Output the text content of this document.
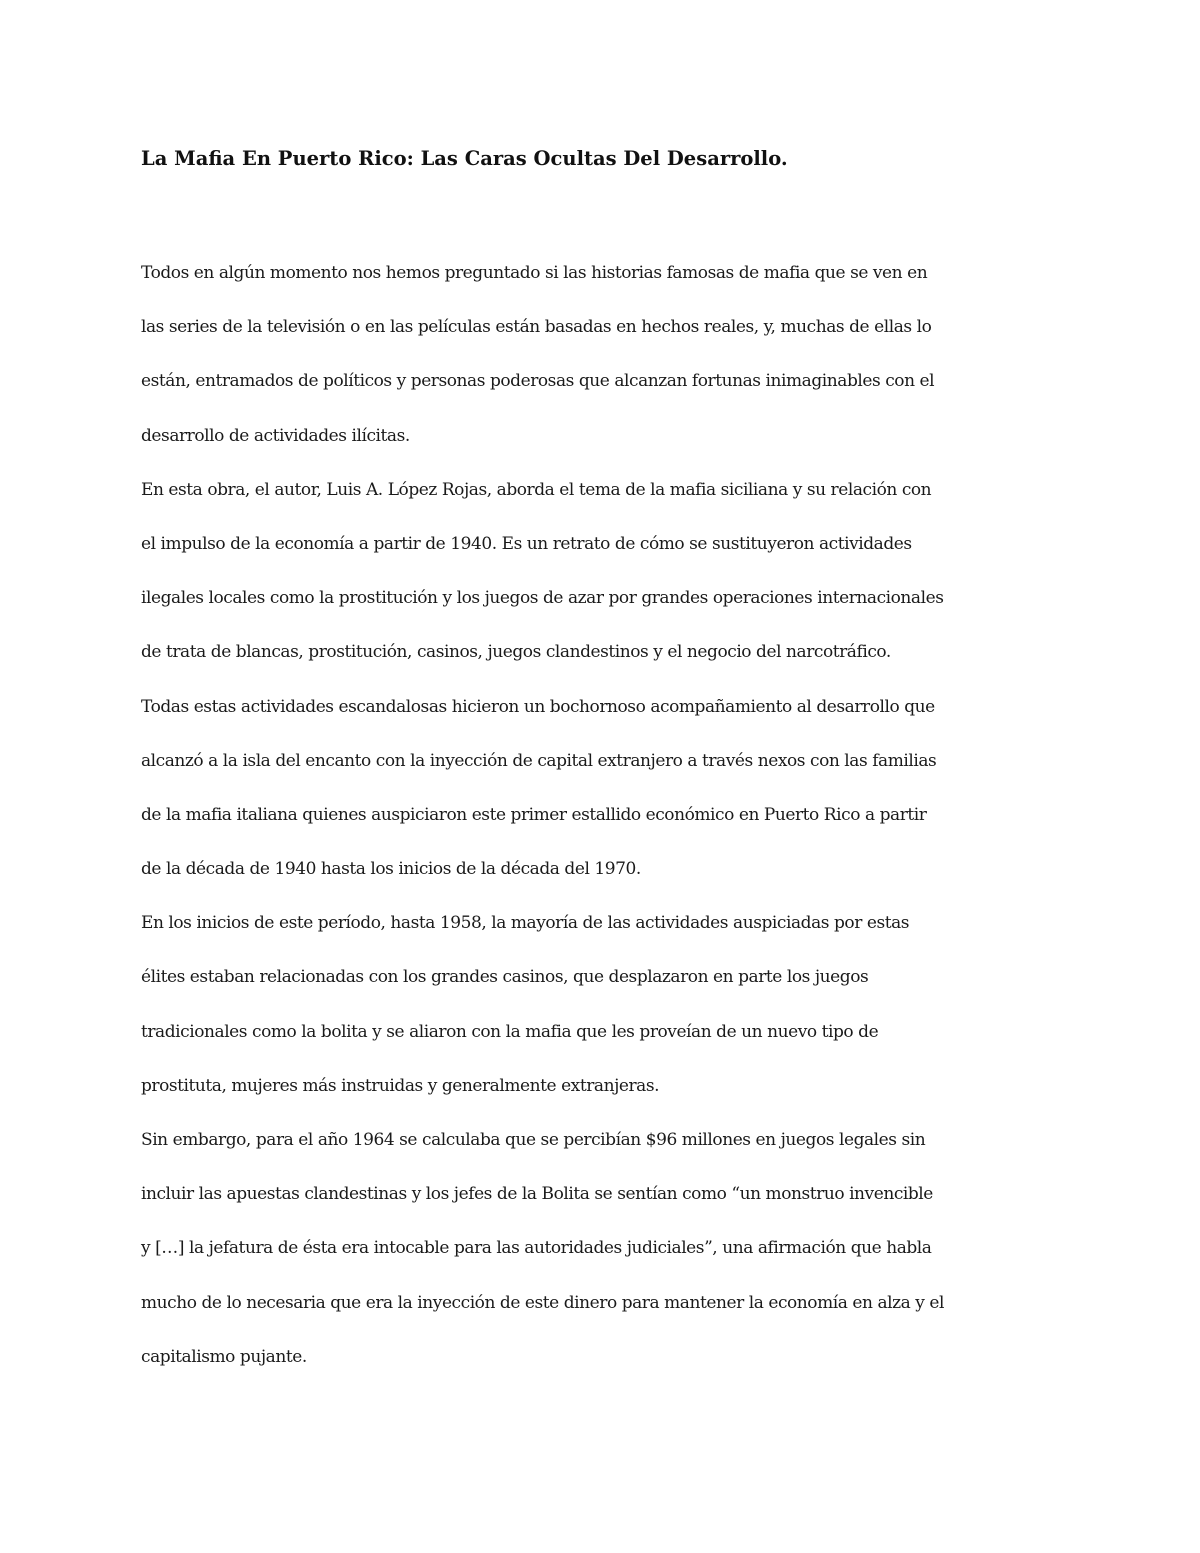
La Mafia En Puerto Rico: Las Caras Ocultas Del Desarrollo.
Todos en algún momento nos hemos preguntado si las historias famosas de mafia que se ven en
las series de la televisión o en las películas están basadas en hechos reales, y, muchas de ellas lo
están, entramados de políticos y personas poderosas que alcanzan fortunas inimaginables con el
desarrollo de actividades ilícitas.
En esta obra, el autor, Luis A. López Rojas, aborda el tema de la mafia siciliana y su relación con
el impulso de la economía a partir de 1940. Es un retrato de cómo se sustituyeron actividades
ilegales locales como la prostitución y los juegos de azar por grandes operaciones internacionales
de trata de blancas, prostitución, casinos, juegos clandestinos y el negocio del narcotráfico.
Todas estas actividades escandalosas hicieron un bochornoso acompañamiento al desarrollo que
alcanzó a la isla del encanto con la inyección de capital extranjero a través nexos con las familias
de la mafia italiana quienes auspiciaron este primer estallido económico en Puerto Rico a partir
de la década de 1940 hasta los inicios de la década del 1970.
En los inicios de este período, hasta 1958, la mayoría de las actividades auspiciadas por estas
élites estaban relacionadas con los grandes casinos, que desplazaron en parte los juegos
tradicionales como la bolita y se aliaron con la mafia que les proveían de un nuevo tipo de
prostituta, mujeres más instruidas y generalmente extranjeras.
Sin embargo, para el año 1964 se calculaba que se percibían $96 millones en juegos legales sin
incluir las apuestas clandestinas y los jefes de la Bolita se sentían como “un monstruo invencible
y […] la jefatura de ésta era intocable para las autoridades judiciales”, una afirmación que habla
mucho de lo necesaria que era la inyección de este dinero para mantener la economía en alza y el
capitalismo pujante.
